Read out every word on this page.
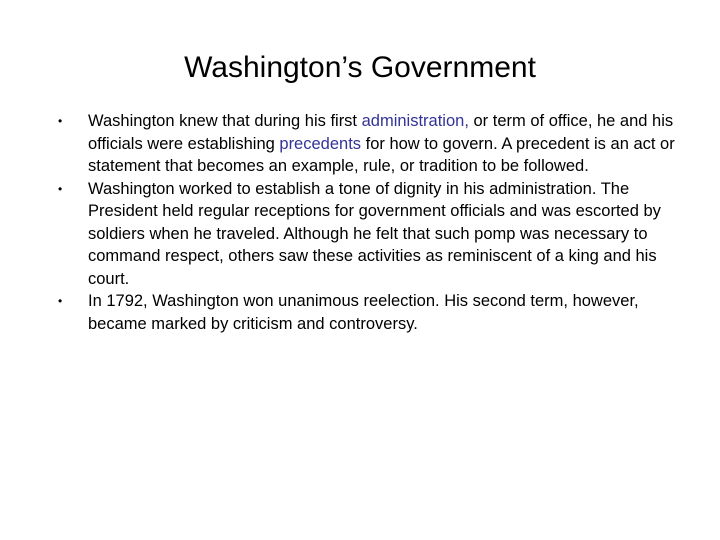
Washington’s Government
• Washington knew that during his first administration, or term of office, he and his officials were establishing precedents for how to govern. A precedent is an act or statement that becomes an example, rule, or tradition to be followed.
• Washington worked to establish a tone of dignity in his administration. The President held regular receptions for government officials and was escorted by soldiers when he traveled. Although he felt that such pomp was necessary to command respect, others saw these activities as reminiscent of a king and his court.
• In 1792, Washington won unanimous reelection. His second term, however, became marked by criticism and controversy.
